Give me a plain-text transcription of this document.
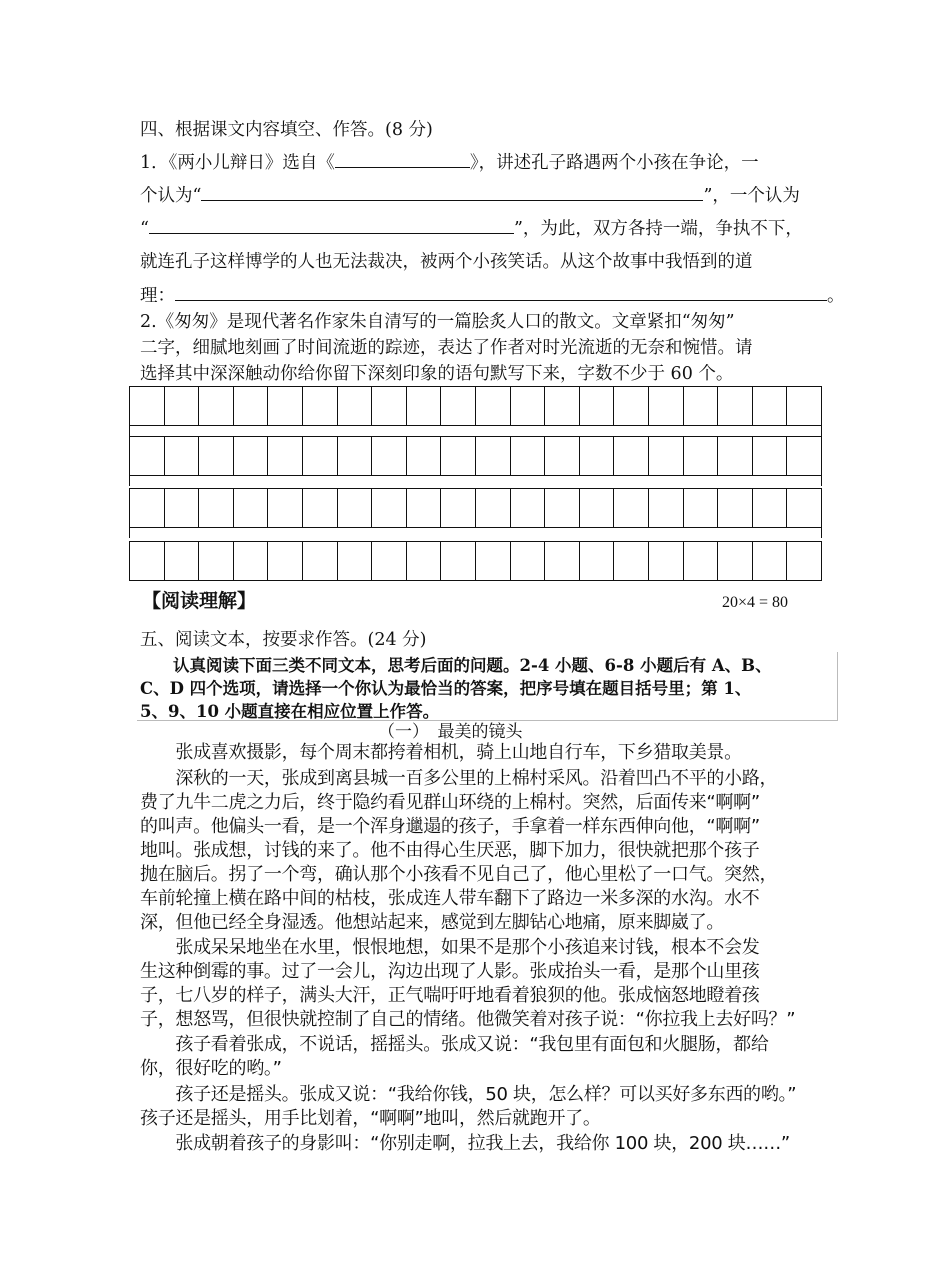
四、根据课文内容填空、作答。(8 分)
1．《两小儿辩日》选自《	》，讲述孔子路遇两个小孩在争论，一
个认为“	”，一个认为
“	”，为此，双方各持一端，争执不下，
就连孔子这样博学的人也无法裁决，被两个小孩笑话。从这个故事中我悟到的道
理：	。
2.《匆匆》是现代著名作家朱自清写的一篇脍炙人口的散文。文章紧扣“匆匆”
二字，细腻地刻画了时间流逝的踪迹，表达了作者对时光流逝的无奈和惋惜。请
选择其中深深触动你给你留下深刻印象的语句默写下来，字数不少于 60 个。
【阅读理解】	20×4 = 80
五、阅读文本，按要求作答。(24 分)
　　认真阅读下面三类不同文本，思考后面的问题。2-4 小题、6-8 小题后有 A、B、
C、D 四个选项，请选择一个你认为最恰当的答案，把序号填在题目括号里；第 1、
5、9、10 小题直接在相应位置上作答。
（一）　最美的镜头
　　张成喜欢摄影，每个周末都挎着相机，骑上山地自行车，下乡猎取美景。
　　深秋的一天，张成到离县城一百多公里的上棉村采风。沿着凹凸不平的小路，
费了九牛二虎之力后，终于隐约看见群山环绕的上棉村。突然，后面传来“啊啊”
的叫声。他偏头一看，是一个浑身邋遢的孩子，手拿着一样东西伸向他，“啊啊”
地叫。张成想，讨钱的来了。他不由得心生厌恶，脚下加力，很快就把那个孩子
抛在脑后。拐了一个弯，确认那个小孩看不见自己了，他心里松了一口气。突然，
车前轮撞上横在路中间的枯枝，张成连人带车翻下了路边一米多深的水沟。水不
深，但他已经全身湿透。他想站起来，感觉到左脚钻心地痛，原来脚崴了。
　　张成呆呆地坐在水里，恨恨地想，如果不是那个小孩追来讨钱，根本不会发
生这种倒霉的事。过了一会儿，沟边出现了人影。张成抬头一看，是那个山里孩
子，七八岁的样子，满头大汗，正气喘吁吁地看着狼狈的他。张成恼怒地瞪着孩
子，想怒骂，但很快就控制了自己的情绪。他微笑着对孩子说：“你拉我上去好吗？”
　　孩子看着张成，不说话，摇摇头。张成又说：“我包里有面包和火腿肠，都给
你，很好吃的哟。”
　　孩子还是摇头。张成又说：“我给你钱，50 块，怎么样？可以买好多东西的哟。”
孩子还是摇头，用手比划着，“啊啊”地叫，然后就跑开了。
　　张成朝着孩子的身影叫：“你别走啊，拉我上去，我给你 100 块，200 块……”
